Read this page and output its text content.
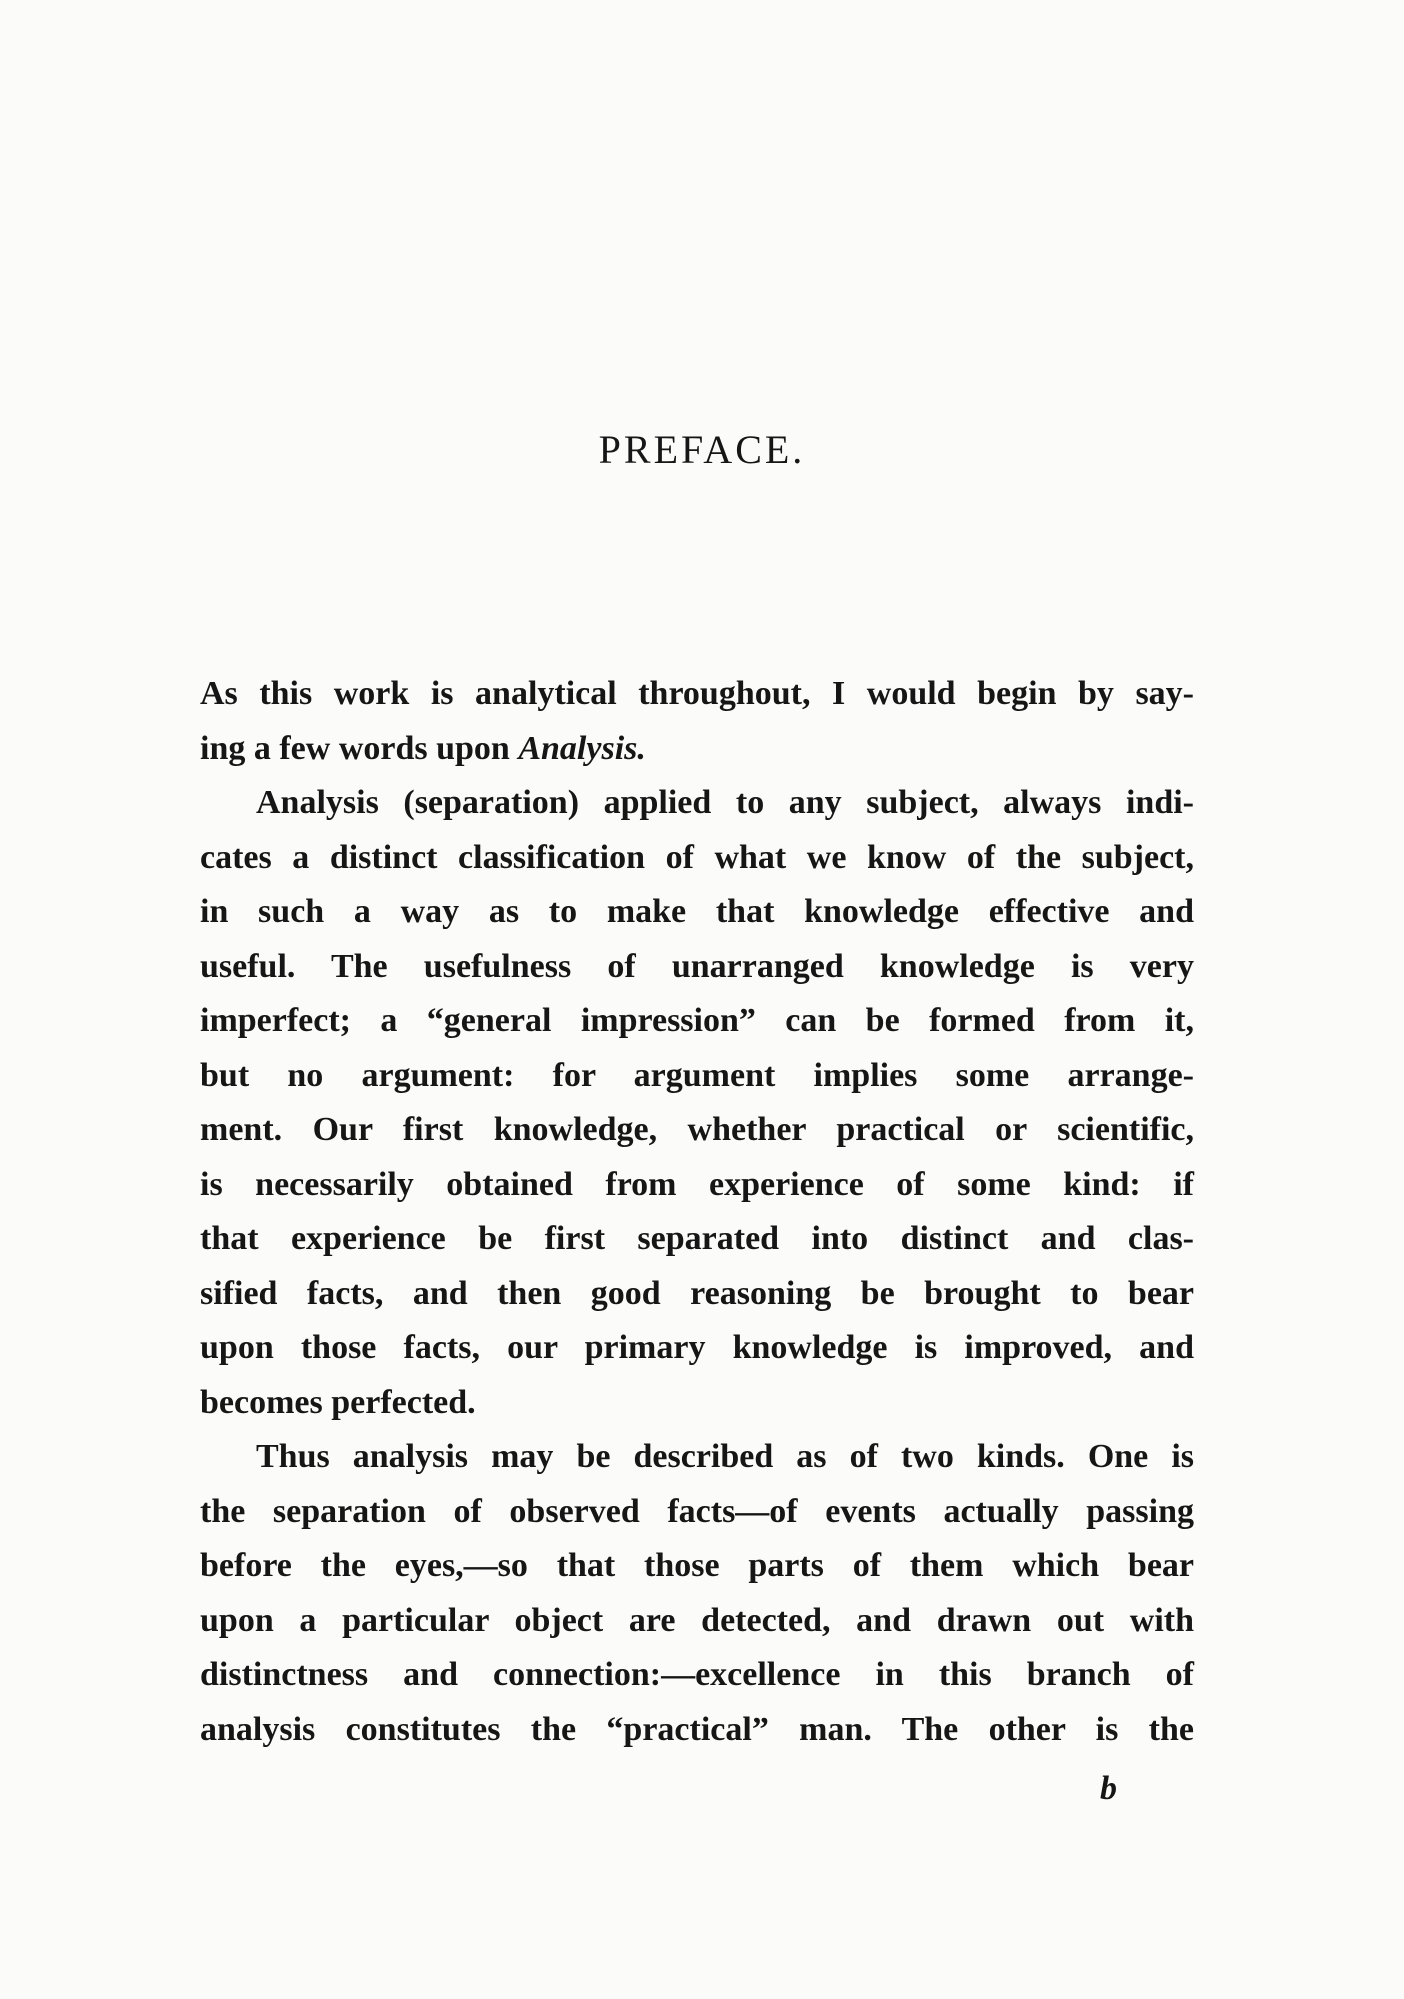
PREFACE.
As this work is analytical throughout, I would begin by say-
ing a few words upon Analysis.
Analysis (separation) applied to any subject, always indi-
cates a distinct classification of what we know of the subject,
in such a way as to make that knowledge effective and
useful. The usefulness of unarranged knowledge is very
imperfect; a “general impression” can be formed from it,
but no argument: for argument implies some arrange-
ment. Our first knowledge, whether practical or scientific,
is necessarily obtained from experience of some kind: if
that experience be first separated into distinct and clas-
sified facts, and then good reasoning be brought to bear
upon those facts, our primary knowledge is improved, and
becomes perfected.
Thus analysis may be described as of two kinds. One is
the separation of observed facts—of events actually passing
before the eyes,—so that those parts of them which bear
upon a particular object are detected, and drawn out with
distinctness and connection:—excellence in this branch of
analysis constitutes the “practical” man. The other is the
b
